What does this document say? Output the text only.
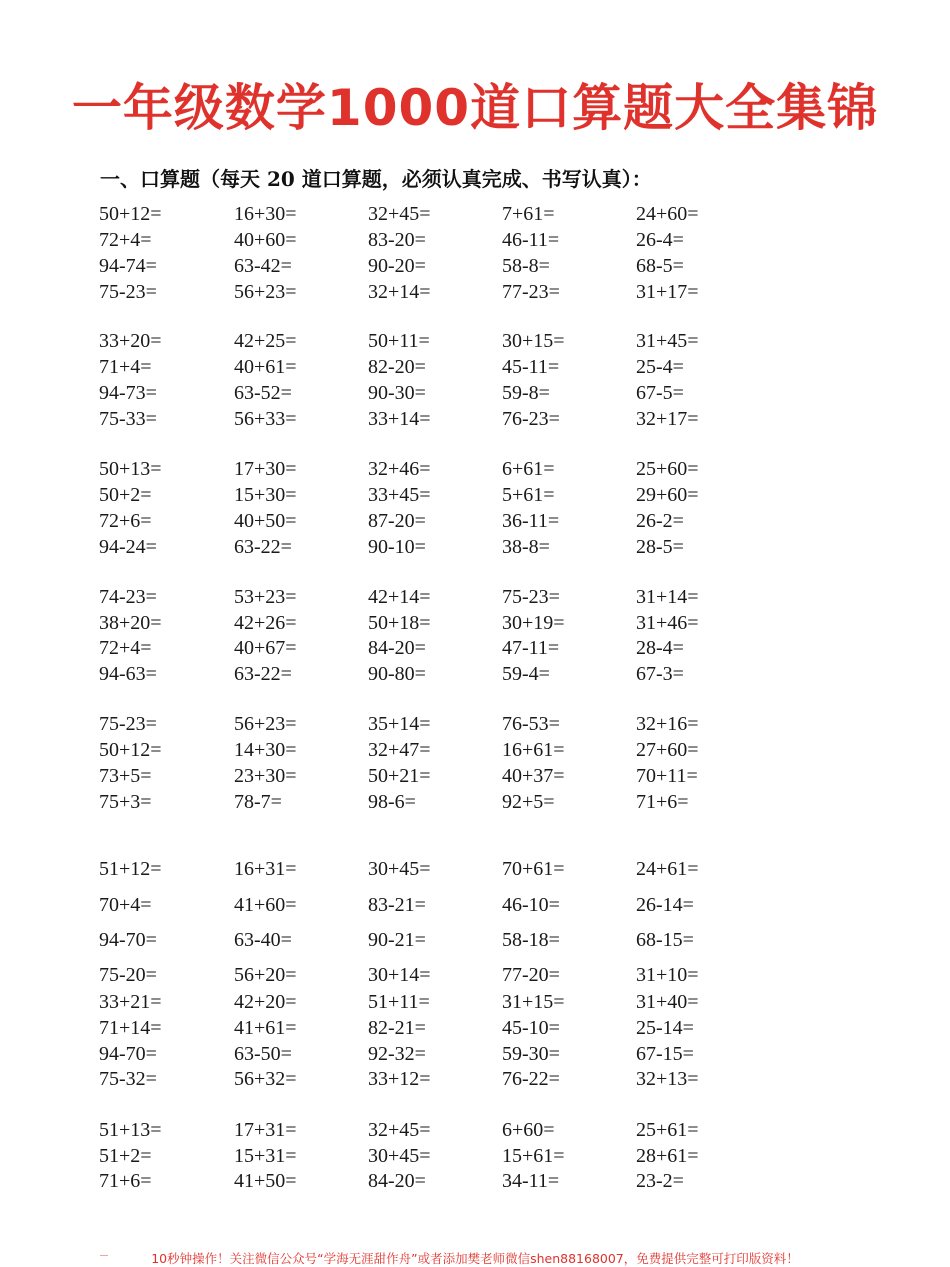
一年级数学1000道口算题大全集锦
一、口算题（每天 20 道口算题，必须认真完成、书写认真）：
50+12=	16+30=	32+45=	7+61=	24+60=
72+4=	40+60=	83-20=	46-11=	26-4=
94-74=	63-42=	90-20=	58-8=	68-5=
75-23=	56+23=	32+14=	77-23=	31+17=
33+20=	42+25=	50+11=	30+15=	31+45=
71+4=	40+61=	82-20=	45-11=	25-4=
94-73=	63-52=	90-30=	59-8=	67-5=
75-33=	56+33=	33+14=	76-23=	32+17=
50+13=	17+30=	32+46=	6+61=	25+60=
50+2=	15+30=	33+45=	5+61=	29+60=
72+6=	40+50=	87-20=	36-11=	26-2=
94-24=	63-22=	90-10=	38-8=	28-5=
74-23=	53+23=	42+14=	75-23=	31+14=
38+20=	42+26=	50+18=	30+19=	31+46=
72+4=	40+67=	84-20=	47-11=	28-4=
94-63=	63-22=	90-80=	59-4=	67-3=
75-23=	56+23=	35+14=	76-53=	32+16=
50+12=	14+30=	32+47=	16+61=	27+60=
73+5=	23+30=	50+21=	40+37=	70+11=
75+3=	78-7=	98-6=	92+5=	71+6=
51+12=	16+31=	30+45=	70+61=	24+61=
70+4=	41+60=	83-21=	46-10=	26-14=
94-70=	63-40=	90-21=	58-18=	68-15=
75-20=	56+20=	30+14=	77-20=	31+10=
33+21=	42+20=	51+11=	31+15=	31+40=
71+14=	41+61=	82-21=	45-10=	25-14=
94-70=	63-50=	92-32=	59-30=	67-15=
75-32=	56+32=	33+12=	76-22=	32+13=
51+13=	17+31=	32+45=	6+60=	25+61=
51+2=	15+31=	30+45=	15+61=	28+61=
71+6=	41+50=	84-20=	34-11=	23-2=
10秒钟操作！关注微信公众号“学海无涯甜作舟”或者添加樊老师微信shen88168007，免费提供完整可打印版资料！
